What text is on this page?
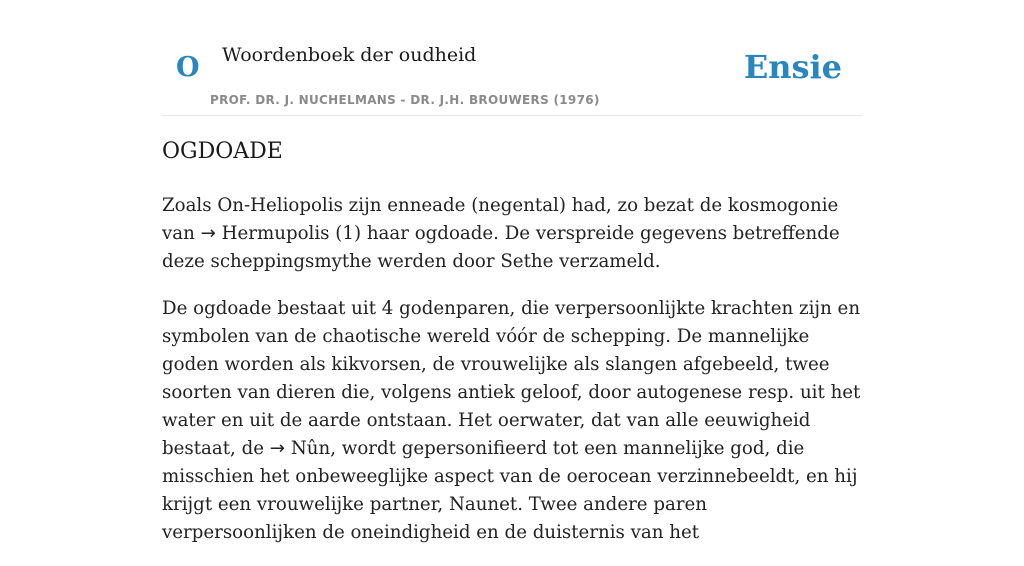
O Woordenboek der oudheid
PROF. DR. J. NUCHELMANS - DR. J.H. BROUWERS (1976)
Ensie
OGDOADE

Zoals On-Heliopolis zijn enneade (negental) had, zo bezat de kosmogonie van → Hermupolis (1) haar ogdoade. De verspreide gegevens betreffende deze scheppingsmythe werden door Sethe verzameld.

De ogdoade bestaat uit 4 godenparen, die verpersoonlijkte krachten zijn en symbolen van de chaotische wereld vóór de schepping. De mannelijke goden worden als kikvorsen, de vrouwelijke als slangen afgebeeld, twee soorten van dieren die, volgens antiek geloof, door autogenese resp. uit het water en uit de aarde ontstaan. Het oerwater, dat van alle eeuwigheid bestaat, de → Nûn, wordt gepersonifieerd tot een mannelijke god, die misschien het onbeweeglijke aspect van de oerocean verzinnebeeldt, en hij krijgt een vrouwelijke partner, Naunet. Twee andere paren verpersoonlijken de oneindigheid en de duisternis van het
